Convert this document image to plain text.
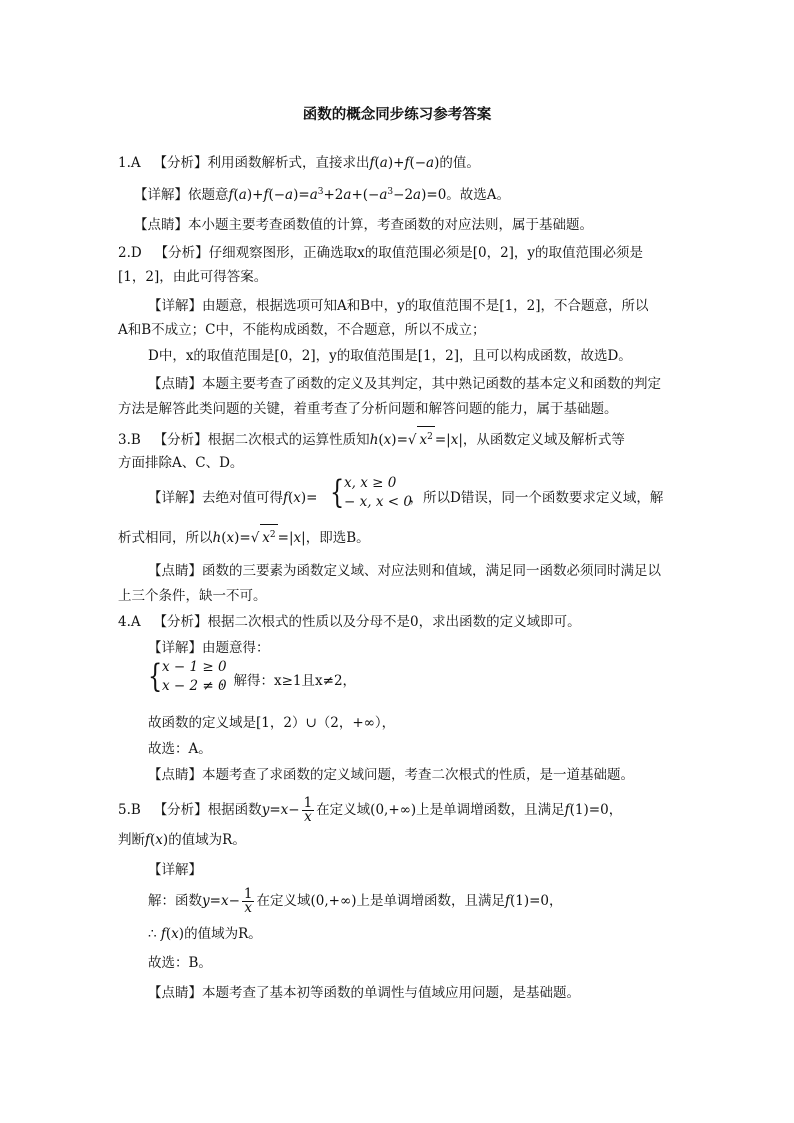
函数的概念同步练习参考答案
1.A 【分析】利用函数解析式，直接求出f(a)+f(−a)的值。
【详解】依题意$f(a)+f(-a)=a^3+2a+(-a^3-2a)=0$。故选A。
【点睛】本小题主要考查函数值的计算，考查函数的对应法则，属于基础题。
2.D 【分析】仔细观察图形，正确选取x的取值范围必须是[0，2]，y的取值范围必须是
[1，2]，由此可得答案。
【详解】由题意，根据选项可知A和B中，y的取值范围不是[1，2]，不合题意，所以
A和B不成立；C中，不能构成函数，不合题意，所以不成立；
D中，x的取值范围是[0，2]，y的取值范围是[1，2]，且可以构成函数，故选D。
【点睛】本题主要考查了函数的定义及其判定，其中熟记函数的基本定义和函数的判定
方法是解答此类问题的关键，着重考查了分析问题和解答问题的能力，属于基础题。
3.B 【分析】根据二次根式的运算性质知h(x)=√ $x^2 =|x|$，从函数定义域及解析式等
方面排除A、C、D。
【详解】去绝对值可得f(x)=	，所以D错误，同一个函数要求定义域，解
{ x, x ≥ 0
− x, x < 0
析式相同，所以h(x)=√ $x^2 =|x|$，即选B。
【点睛】函数的三要素为函数定义域、对应法则和值域，满足同一函数必须同时满足以
上三个条件，缺一不可。
4.A 【分析】根据二次根式的性质以及分母不是0，求出函数的定义域即可。
【详解】由题意得：
{ x − 1 ≥ 0
x − 2 ≠ 0
，解得：x≥1且x≠2，
故函数的定义域是[1，2）∪（2，+∞），
故选：A。
【点睛】本题考查了求函数的定义域问题，考查二次根式的性质，是一道基础题。
5.B 【分析】根据函数$y=x- \frac{1}{x}$ 在定义域(0,+∞)上是单调增函数，且满足f(1)=0，
判断f(x)的值域为R。
【详解】
解：函数$y=x- \frac{1}{x}$ 在定义域(0,+∞)上是单调增函数，且满足f(1)=0，
∴ f(x)的值域为R。
故选：B。
【点睛】本题考查了基本初等函数的单调性与值域应用问题，是基础题。
